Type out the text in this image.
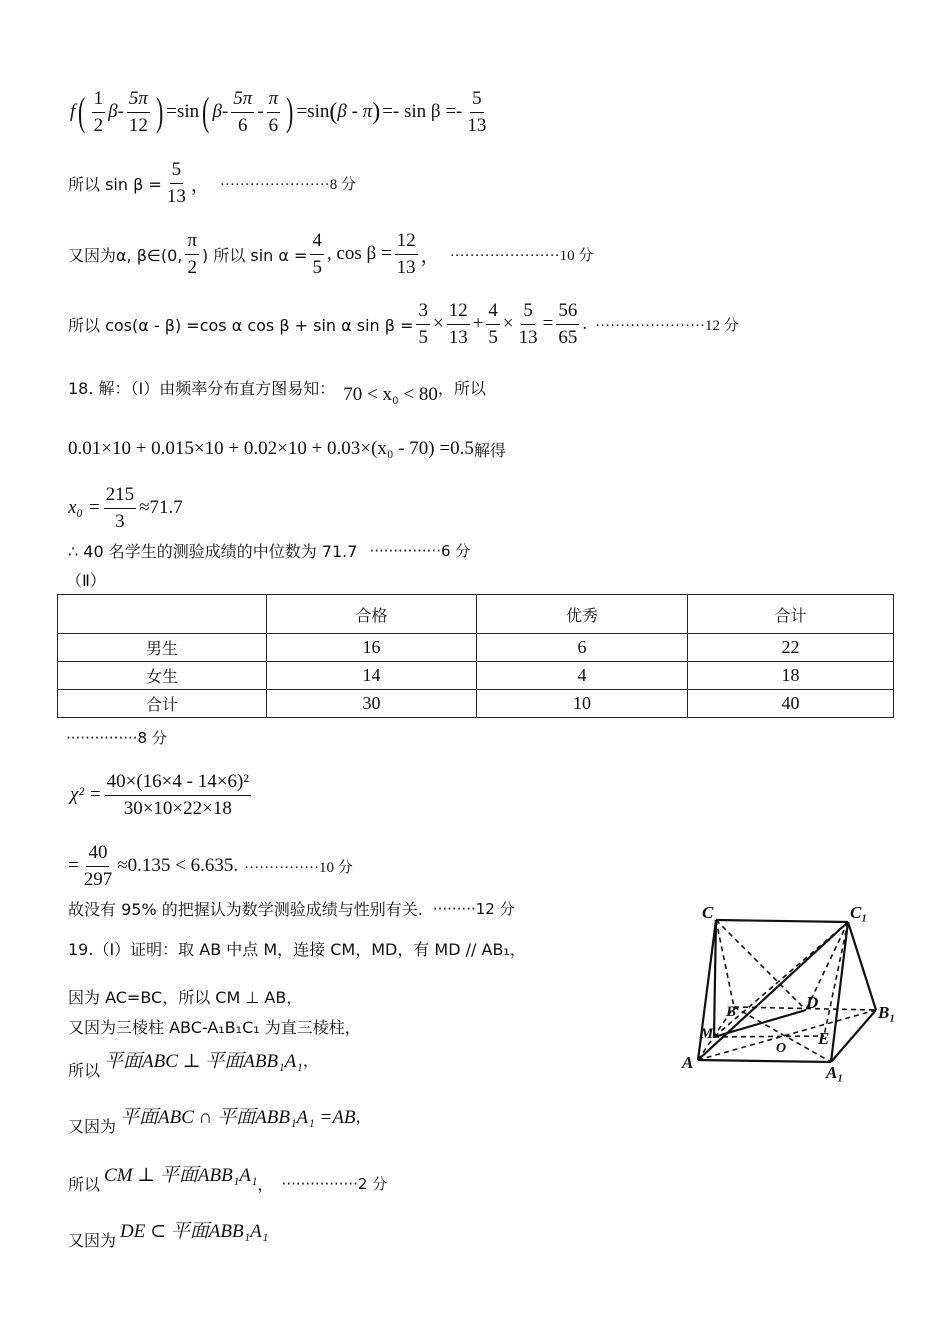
f ( $\frac{1}{2}$ β - $\frac{5\pi}{12}$ ) =sin ( β - $\frac{5\pi}{6} - \frac{\pi}{6}$ ) =sin ( β - π ) =- $\sin \beta =- \frac{5}{13}$
所以 $\sin \beta = \frac{5}{13}$ ， ······················8 分
又因为α, β∈(0, $\frac{\pi}{2}$ ) 所以 $\sin \alpha = \frac{4}{5}$ , $\cos \beta = \frac{12}{13}$ ， ······················10 分
所以 cos(α - β) =cos α cos β + sin α $\sin \beta = \frac{3}{5} \times \frac{12}{13} + \frac{4}{5} \times \frac{5}{13} = \frac{56}{65}$ . ······················12 分
18. 解：（Ⅰ）由频率分布直方图易知： 70 < x₀ < 80 ，所以
0.01×10 + 0.015×10 + 0.02×10 + 0.03×(x₀ - 70) =0.5 解得
$x_0 = \frac{215}{3} \approx 71.7$
∴ 40 名学生的测验成绩的中位数为 71.7 ···············6 分
（Ⅱ）
	合格	优秀	合计
男生	16	6	22
女生	14	4	18
合计	30	10	40
···············8 分
$\chi^2 = \frac{\text{40×(16×4 - 14×6)²}}{30\times 10\times 22\times 18}$
= $\frac{40}{297} \approx 0.135 < 6.635$. ···············10 分
故没有 95% 的把握认为数学测验成绩与性别有关. ·········12 分
19.（Ⅰ）证明：取 AB 中点 M，连接 CM，MD，有 MD // AB₁，
因为 AC=BC，所以 CM ⊥ AB，
又因为三棱柱 ABC-A₁B₁C₁ 为直三棱柱，
所以 平面ABC ⊥ 平面ABB₁A₁ ，
又因为 平面ABC ∩ 平面ABB₁A₁ =AB ，
所以 CM ⊥ 平面ABB₁A₁ ， ················2 分
又因为 DE ⊂ 平面ABB₁A₁
C	C₁
B	B₁
D
M
A
A₁
O
E
